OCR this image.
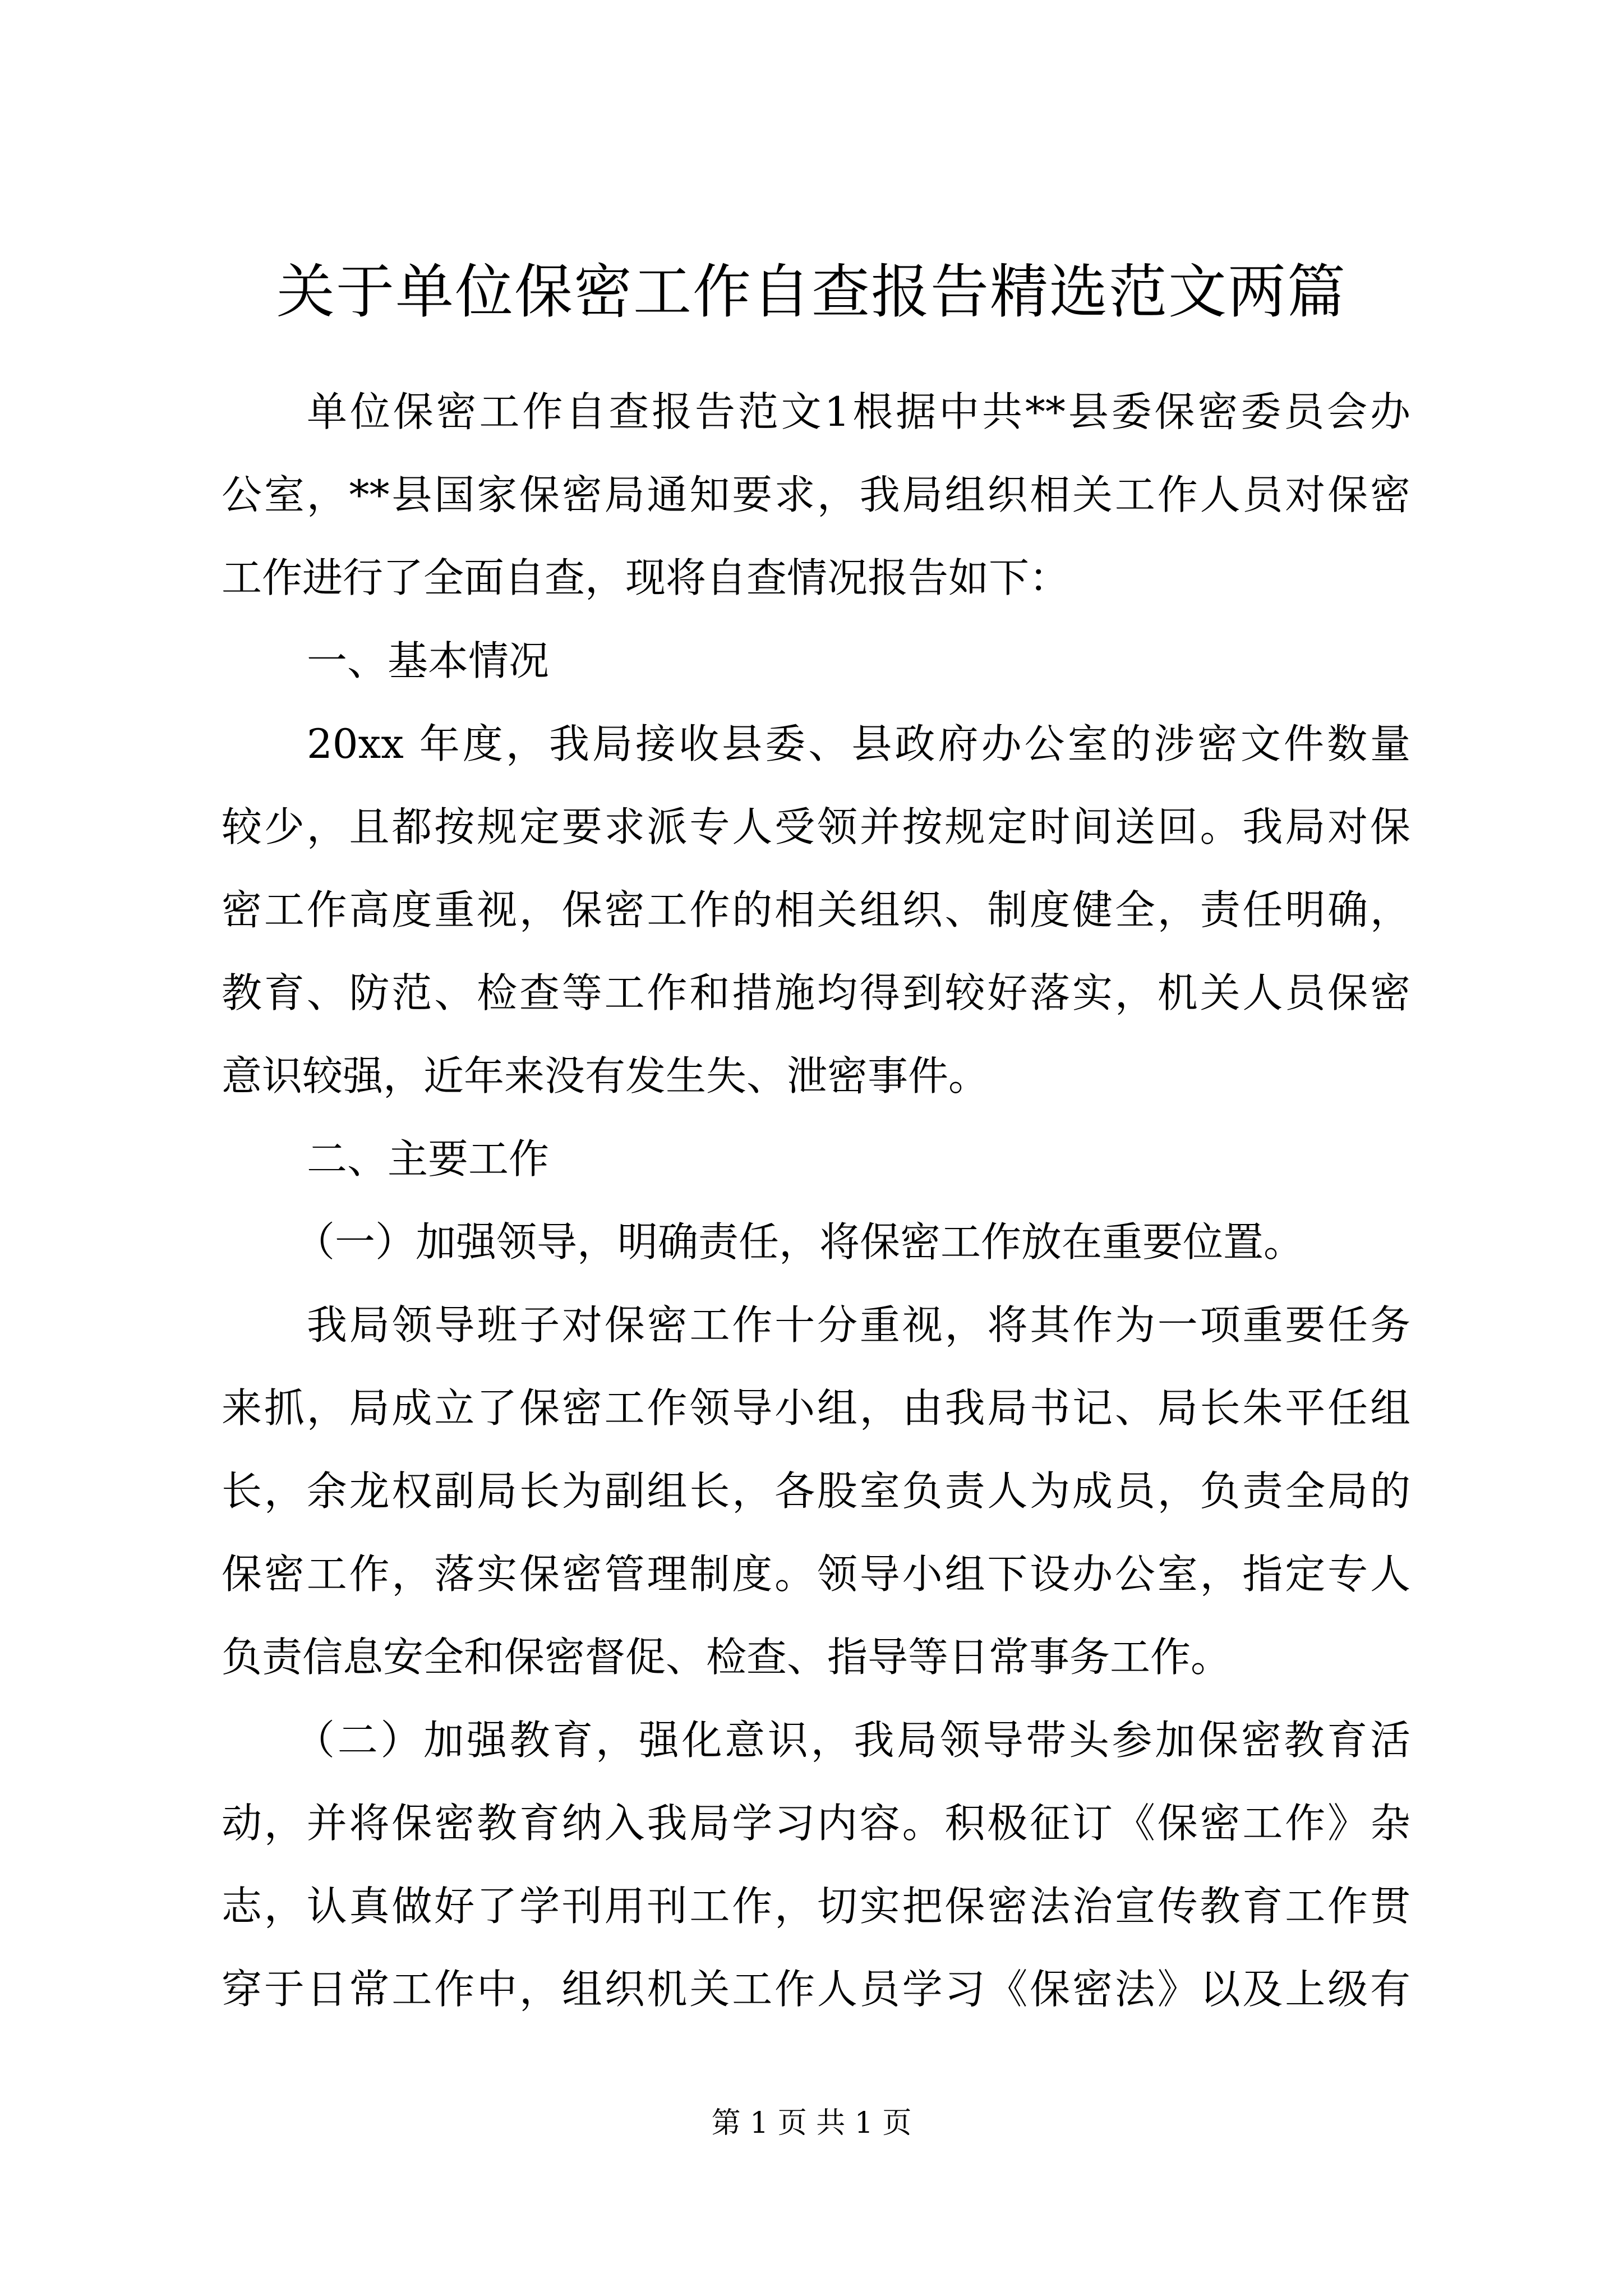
关于单位保密工作自查报告精选范文两篇
单位保密工作自查报告范文1根据中共**县委保密委员会办
公室，**县国家保密局通知要求，我局组织相关工作人员对保密
工作进行了全面自查，现将自查情况报告如下：
一、基本情况
20xx 年度，我局接收县委、县政府办公室的涉密文件数量
较少，且都按规定要求派专人受领并按规定时间送回。我局对保
密工作高度重视，保密工作的相关组织、制度健全，责任明确，
教育、防范、检查等工作和措施均得到较好落实，机关人员保密
意识较强，近年来没有发生失、泄密事件。
二、主要工作
（一）加强领导，明确责任，将保密工作放在重要位置。
我局领导班子对保密工作十分重视，将其作为一项重要任务
来抓，局成立了保密工作领导小组，由我局书记、局长朱平任组
长，余龙权副局长为副组长，各股室负责人为成员，负责全局的
保密工作，落实保密管理制度。领导小组下设办公室，指定专人
负责信息安全和保密督促、检查、指导等日常事务工作。
（二）加强教育，强化意识，我局领导带头参加保密教育活
动，并将保密教育纳入我局学习内容。积极征订《保密工作》杂
志，认真做好了学刊用刊工作，切实把保密法治宣传教育工作贯
穿于日常工作中，组织机关工作人员学习《保密法》以及上级有
第 1 页 共 1 页
